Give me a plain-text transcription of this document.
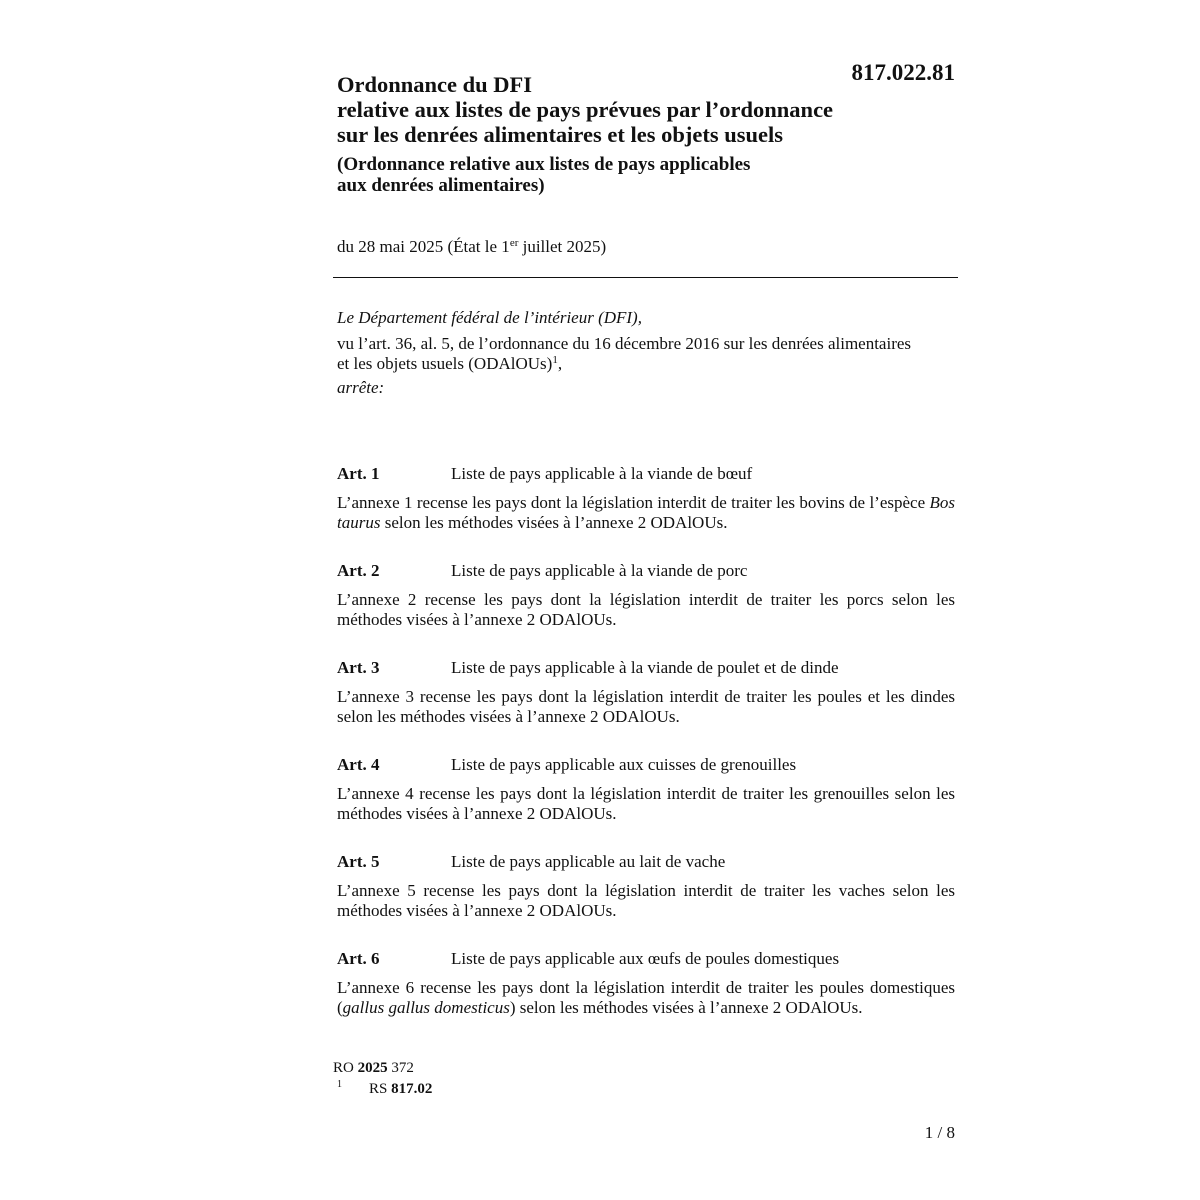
817.022.81
Ordonnance du DFI
relative aux listes de pays prévues par l’ordonnance
sur les denrées alimentaires et les objets usuels
(Ordonnance relative aux listes de pays applicables
aux denrées alimentaires)
du 28 mai 2025 (État le 1er juillet 2025)
Le Département fédéral de l’intérieur (DFI),
vu l’art. 36, al. 5, de l’ordonnance du 16 décembre 2016 sur les denrées alimentaires
et les objets usuels (ODAlOUs)$^1$,
arrête:
Art. 1	Liste de pays applicable à la viande de bœuf
L’annexe 1 recense les pays dont la législation interdit de traiter les bovins de l’espèce Bos taurus selon les méthodes visées à l’annexe 2 ODAlOUs.
Art. 2	Liste de pays applicable à la viande de porc
L’annexe 2 recense les pays dont la législation interdit de traiter les porcs selon les méthodes visées à l’annexe 2 ODAlOUs.
Art. 3	Liste de pays applicable à la viande de poulet et de dinde
L’annexe 3 recense les pays dont la législation interdit de traiter les poules et les dindes selon les méthodes visées à l’annexe 2 ODAlOUs.
Art. 4	Liste de pays applicable aux cuisses de grenouilles
L’annexe 4 recense les pays dont la législation interdit de traiter les grenouilles selon les méthodes visées à l’annexe 2 ODAlOUs.
Art. 5	Liste de pays applicable au lait de vache
L’annexe 5 recense les pays dont la législation interdit de traiter les vaches selon les méthodes visées à l’annexe 2 ODAlOUs.
Art. 6	Liste de pays applicable aux œufs de poules domestiques
L’annexe 6 recense les pays dont la législation interdit de traiter les poules domestiques (gallus gallus domesticus) selon les méthodes visées à l’annexe 2 ODAlOUs.
RO 2025 372
1 RS 817.02
1 / 8
